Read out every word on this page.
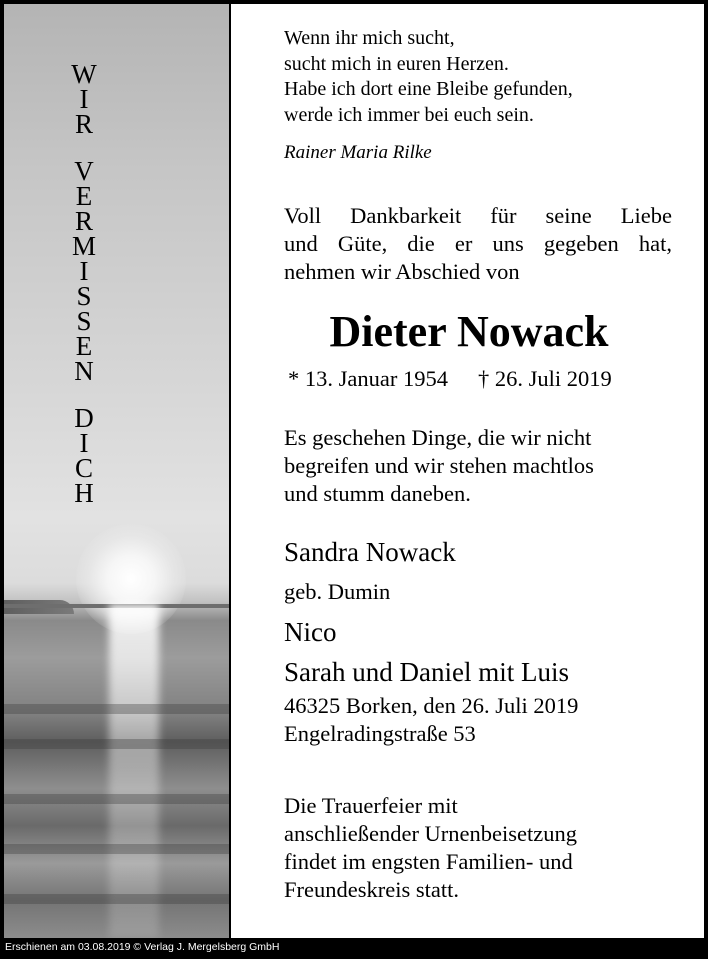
W
I
R
V
E
R
M
I
S
S
E
N
D
I
C
H
Wenn ihr mich sucht,
sucht mich in euren Herzen.
Habe ich dort eine Bleibe gefunden,
werde ich immer bei euch sein.
Rainer Maria Rilke
Voll Dankbarkeit für seine Liebe
und Güte, die er uns gegeben hat,
nehmen wir Abschied von
Dieter Nowack
* 13. Januar 1954 † 26. Juli 2019
Es geschehen Dinge, die wir nicht
begreifen und wir stehen machtlos
und stumm daneben.
Sandra Nowack
geb. Dumin
Nico
Sarah und Daniel mit Luis
46325 Borken, den 26. Juli 2019
Engelradingstraße 53
Die Trauerfeier mit
anschließender Urnenbeisetzung
findet im engsten Familien- und
Freundeskreis statt.
Erschienen am 03.08.2019 © Verlag J. Mergelsberg GmbH
